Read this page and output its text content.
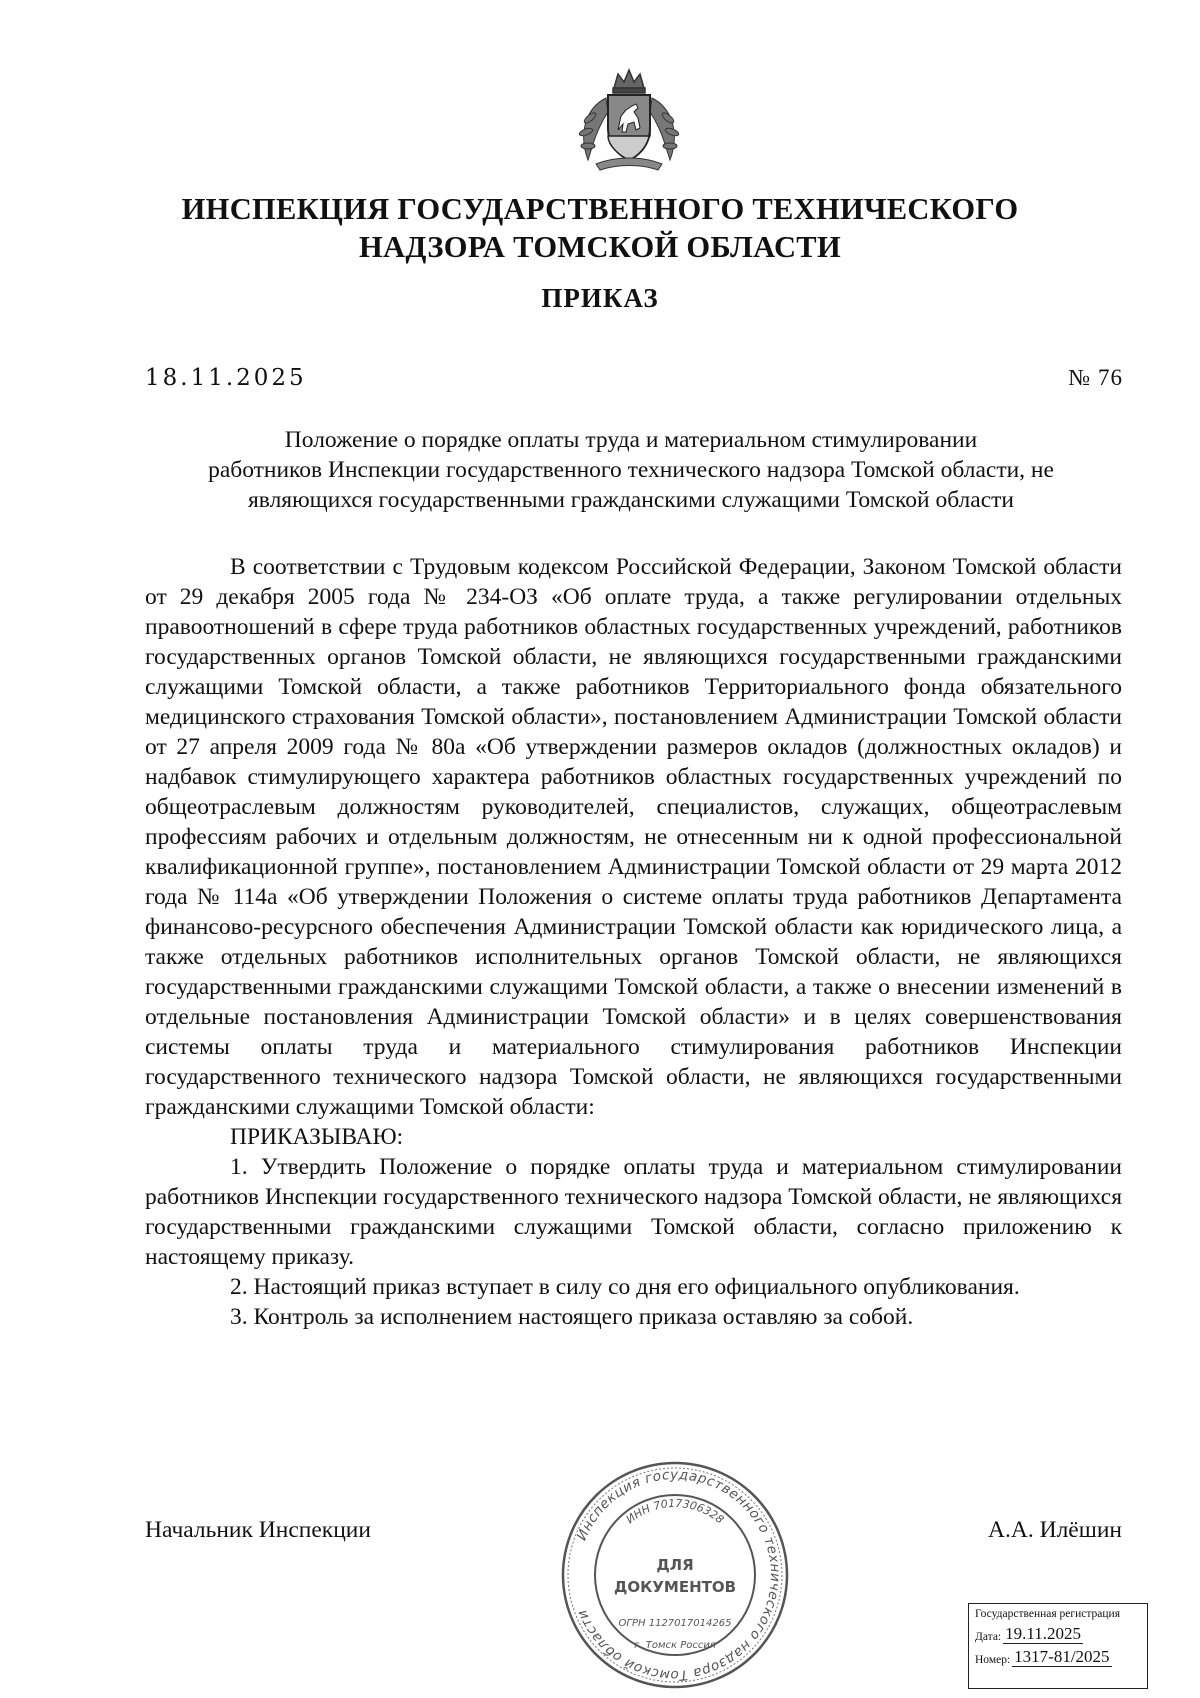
ИНСПЕКЦИЯ ГОСУДАРСТВЕННОГО ТЕХНИЧЕСКОГО
НАДЗОРА ТОМСКОЙ ОБЛАСТИ
ПРИКАЗ
18.11.2025	№ 76
Положение о порядке оплаты труда и материальном стимулировании
работников Инспекции государственного технического надзора Томской области, не
являющихся государственными гражданскими служащими Томской области

В соответствии с Трудовым кодексом Российской Федерации, Законом Томской области от 29 декабря 2005 года № 234-ОЗ «Об оплате труда, а также регулировании отдельных правоотношений в сфере труда работников областных государственных учреждений, работников государственных органов Томской области, не являющихся государственными гражданскими служащими Томской области, а также работников Территориального фонда обязательного медицинского страхования Томской области», постановлением Администрации Томской области от 27 апреля 2009 года № 80а «Об утверждении размеров окладов (должностных окладов) и надбавок стимулирующего характера работников областных государственных учреждений по общеотраслевым должностям руководителей, специалистов, служащих, общеотраслевым профессиям рабочих и отдельным должностям, не отнесенным ни к одной профессиональной квалификационной группе», постановлением Администрации Томской области от 29 марта 2012 года № 114а «Об утверждении Положения о системе оплаты труда работников Департамента финансово-ресурсного обеспечения Администрации Томской области как юридического лица, а также отдельных работников исполнительных органов Томской области, не являющихся государственными гражданскими служащими Томской области, а также о внесении изменений в отдельные постановления Администрации Томской области» и в целях совершенствования системы оплаты труда и материального стимулирования работников Инспекции государственного технического надзора Томской области, не являющихся государственными гражданскими служащими Томской области:

ПРИКАЗЫВАЮ:

1. Утвердить Положение о порядке оплаты труда и материальном стимулировании работников Инспекции государственного технического надзора Томской области, не являющихся государственными гражданскими служащими Томской области, согласно приложению к настоящему приказу.

2. Настоящий приказ вступает в силу со дня его официального опубликования.

3. Контроль за исполнением настоящего приказа оставляю за собой.

Начальник Инспекции	А.А. Илёшин
Инспекция государственного технического надзора Томской области
ИНН 7017306328
ДЛЯ
ДОКУМЕНТОВ
ОГРН 1127017014265
г. Томск Россия
Государственная регистрация
Дата: 19.11.2025
Номер: 1317-81/2025
